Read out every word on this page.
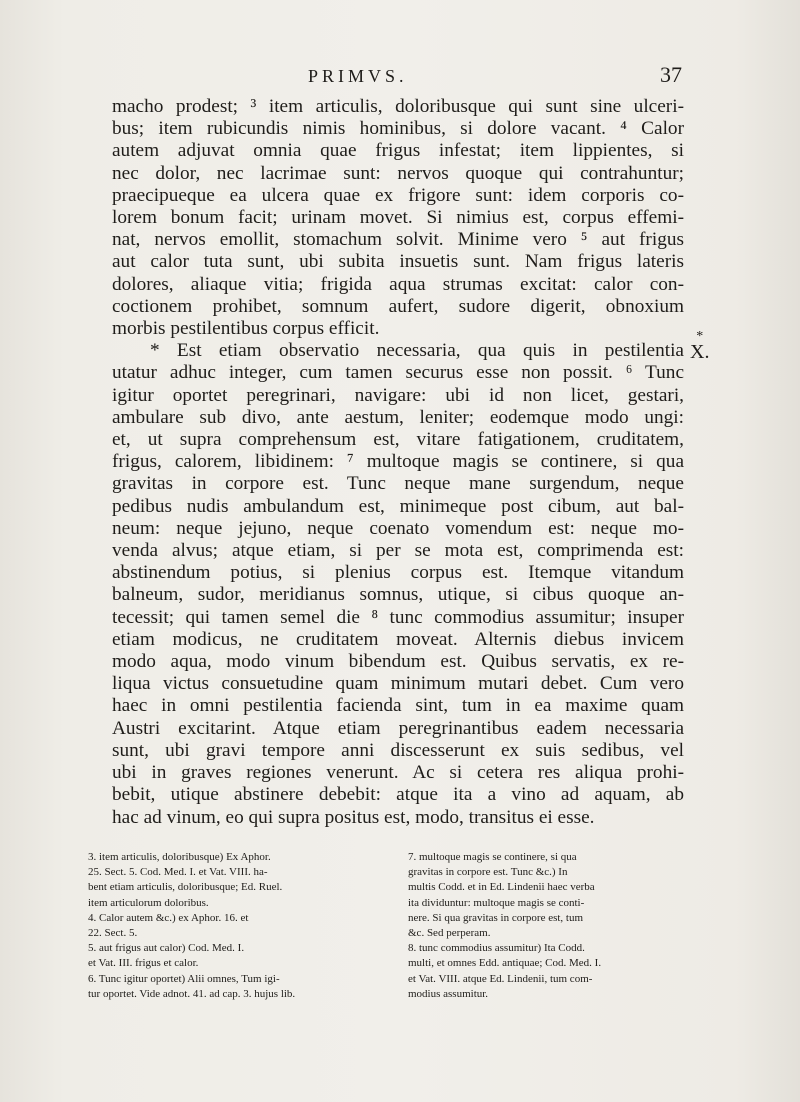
PRIMVS.	37
*
X.
macho prodest; ³ item articulis, doloribusque qui sunt sine ulceri-
bus; item rubicundis nimis hominibus, si dolore vacant. ⁴ Calor
autem adjuvat omnia quae frigus infestat; item lippientes, si
nec dolor, nec lacrimae sunt: nervos quoque qui contrahuntur;
praecipueque ea ulcera quae ex frigore sunt: idem corporis co-
lorem bonum facit; urinam movet. Si nimius est, corpus effemi-
nat, nervos emollit, stomachum solvit. Minime vero ⁵ aut frigus
aut calor tuta sunt, ubi subita insuetis sunt. Nam frigus lateris
dolores, aliaque vitia; frigida aqua strumas excitat: calor con-
coctionem prohibet, somnum aufert, sudore digerit, obnoxium
morbis pestilentibus corpus efficit.
* Est etiam observatio necessaria, qua quis in pestilentia
utatur adhuc integer, cum tamen securus esse non possit. ⁶ Tunc
igitur oportet peregrinari, navigare: ubi id non licet, gestari,
ambulare sub divo, ante aestum, leniter; eodemque modo ungi:
et, ut supra comprehensum est, vitare fatigationem, cruditatem,
frigus, calorem, libidinem: ⁷ multoque magis se continere, si qua
gravitas in corpore est. Tunc neque mane surgendum, neque
pedibus nudis ambulandum est, minimeque post cibum, aut bal-
neum: neque jejuno, neque coenato vomendum est: neque mo-
venda alvus; atque etiam, si per se mota est, comprimenda est:
abstinendum potius, si plenius corpus est. Itemque vitandum
balneum, sudor, meridianus somnus, utique, si cibus quoque an-
tecessit; qui tamen semel die ⁸ tunc commodius assumitur; insuper
etiam modicus, ne cruditatem moveat. Alternis diebus invicem
modo aqua, modo vinum bibendum est. Quibus servatis, ex re-
liqua victus consuetudine quam minimum mutari debet. Cum vero
haec in omni pestilentia facienda sint, tum in ea maxime quam
Austri excitarint. Atque etiam peregrinantibus eadem necessaria
sunt, ubi gravi tempore anni discesserunt ex suis sedibus, vel
ubi in graves regiones venerunt. Ac si cetera res aliqua prohi-
bebit, utique abstinere debebit: atque ita a vino ad aquam, ab
hac ad vinum, eo qui supra positus est, modo, transitus ei esse.
3. item articulis, doloribusque) Ex Aphor.
25. Sect. 5. Cod. Med. I. et Vat. VIII. ha-
bent etiam articulis, doloribusque; Ed. Ruel.
item articulorum doloribus.
4. Calor autem &c.) ex Aphor. 16. et
22. Sect. 5.
5. aut frigus aut calor) Cod. Med. I.
et Vat. III. frigus et calor.
6. Tunc igitur oportet) Alii omnes, Tum igi-
tur oportet. Vide adnot. 41. ad cap. 3. hujus lib.
7. multoque magis se continere, si qua
gravitas in corpore est. Tunc &c.) In
multis Codd. et in Ed. Lindenii haec verba
ita dividuntur: multoque magis se conti-
nere. Si qua gravitas in corpore est, tum
&c. Sed perperam.
8. tunc commodius assumitur) Ita Codd.
multi, et omnes Edd. antiquae; Cod. Med. I.
et Vat. VIII. atque Ed. Lindenii, tum com-
modius assumitur.
